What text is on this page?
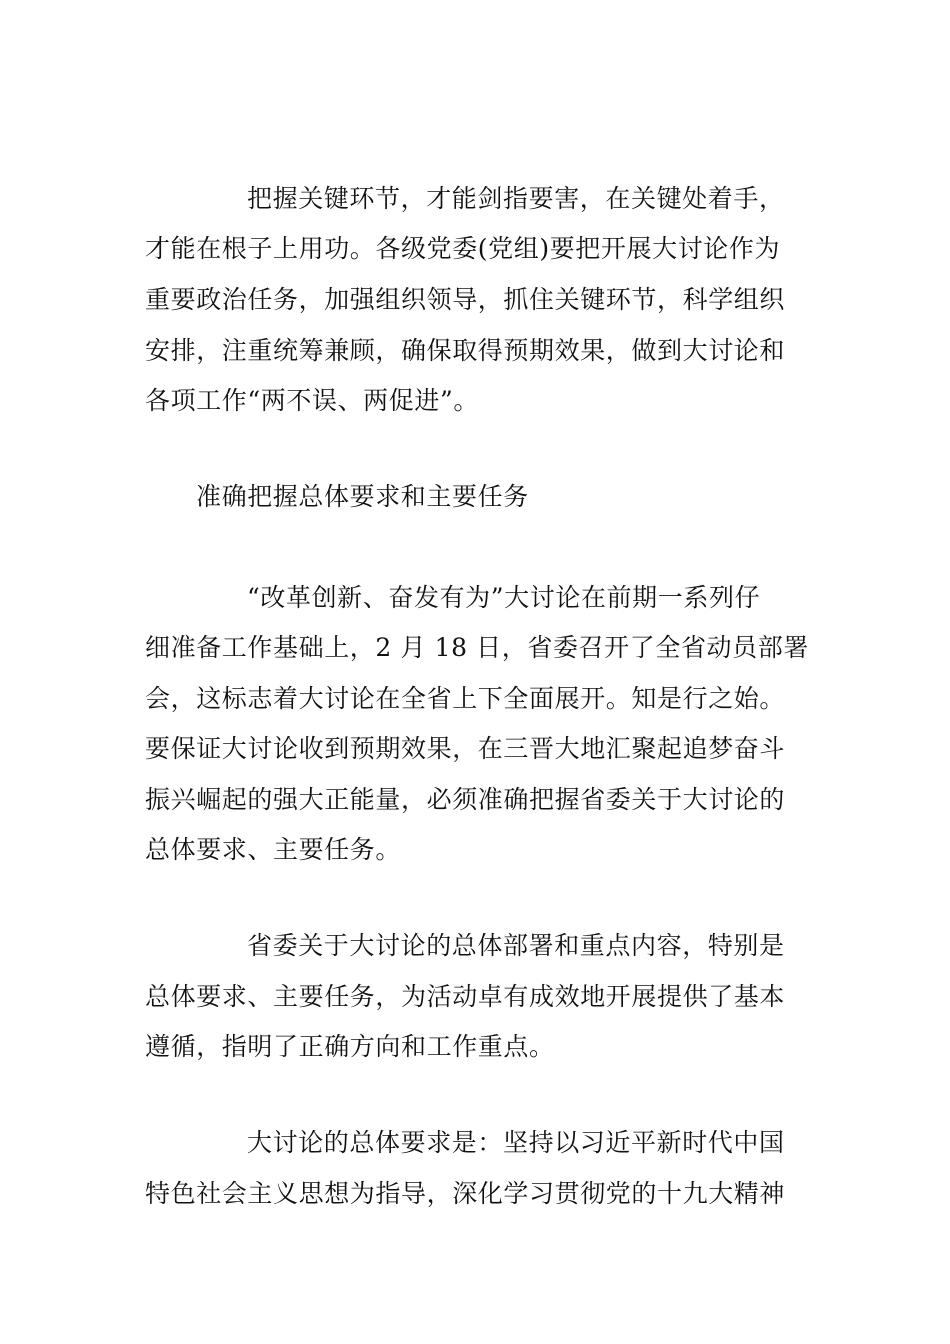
把握关键环节，才能剑指要害，在关键处着手，
才能在根子上用功。各级党委(党组)要把开展大讨论作为
重要政治任务，加强组织领导，抓住关键环节，科学组织
安排，注重统筹兼顾，确保取得预期效果，做到大讨论和
各项工作“两不误、两促进”。
准确把握总体要求和主要任务
“改革创新、奋发有为”大讨论在前期一系列仔
细准备工作基础上，2 月 18 日，省委召开了全省动员部署
会，这标志着大讨论在全省上下全面展开。知是行之始。
要保证大讨论收到预期效果，在三晋大地汇聚起追梦奋斗
振兴崛起的强大正能量，必须准确把握省委关于大讨论的
总体要求、主要任务。
省委关于大讨论的总体部署和重点内容，特别是
总体要求、主要任务，为活动卓有成效地开展提供了基本
遵循，指明了正确方向和工作重点。
大讨论的总体要求是：坚持以习近平新时代中国
特色社会主义思想为指导，深化学习贯彻党的十九大精神
